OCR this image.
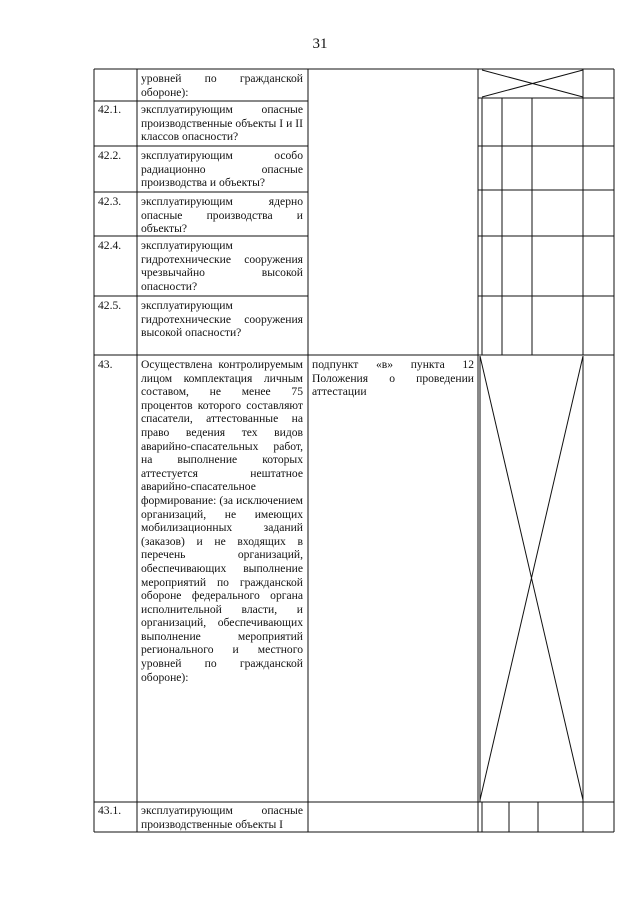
31
уровней по гражданской обороне):
42.1. эксплуатирующим опасные производственные объекты I и II классов опасности?
42.2. эксплуатирующим особо радиационно опасные производства и объекты?
42.3. эксплуатирующим ядерно опасные производства и объекты?
42.4. эксплуатирующим гидротехнические сооружения чрезвычайно высокой опасности?
42.5. эксплуатирующим гидротехнические сооружения высокой опасности?
43. Осуществлена контролируемым лицом комплектация личным составом, не менее 75 процентов которого составляют спасатели, аттестованные на право ведения тех видов аварийно-спасательных работ, на выполнение которых аттестуется нештатное аварийно-спасательное формирование: (за исключением организаций, не имеющих мобилизационных заданий (заказов) и не входящих в перечень организаций, обеспечивающих выполнение мероприятий по гражданской обороне федерального органа исполнительной власти, и организаций, обеспечивающих выполнение мероприятий регионального и местного уровней по гражданской обороне):
подпункт «в» пункта 12 Положения о проведении аттестации
43.1. эксплуатирующим опасные производственные объекты I
